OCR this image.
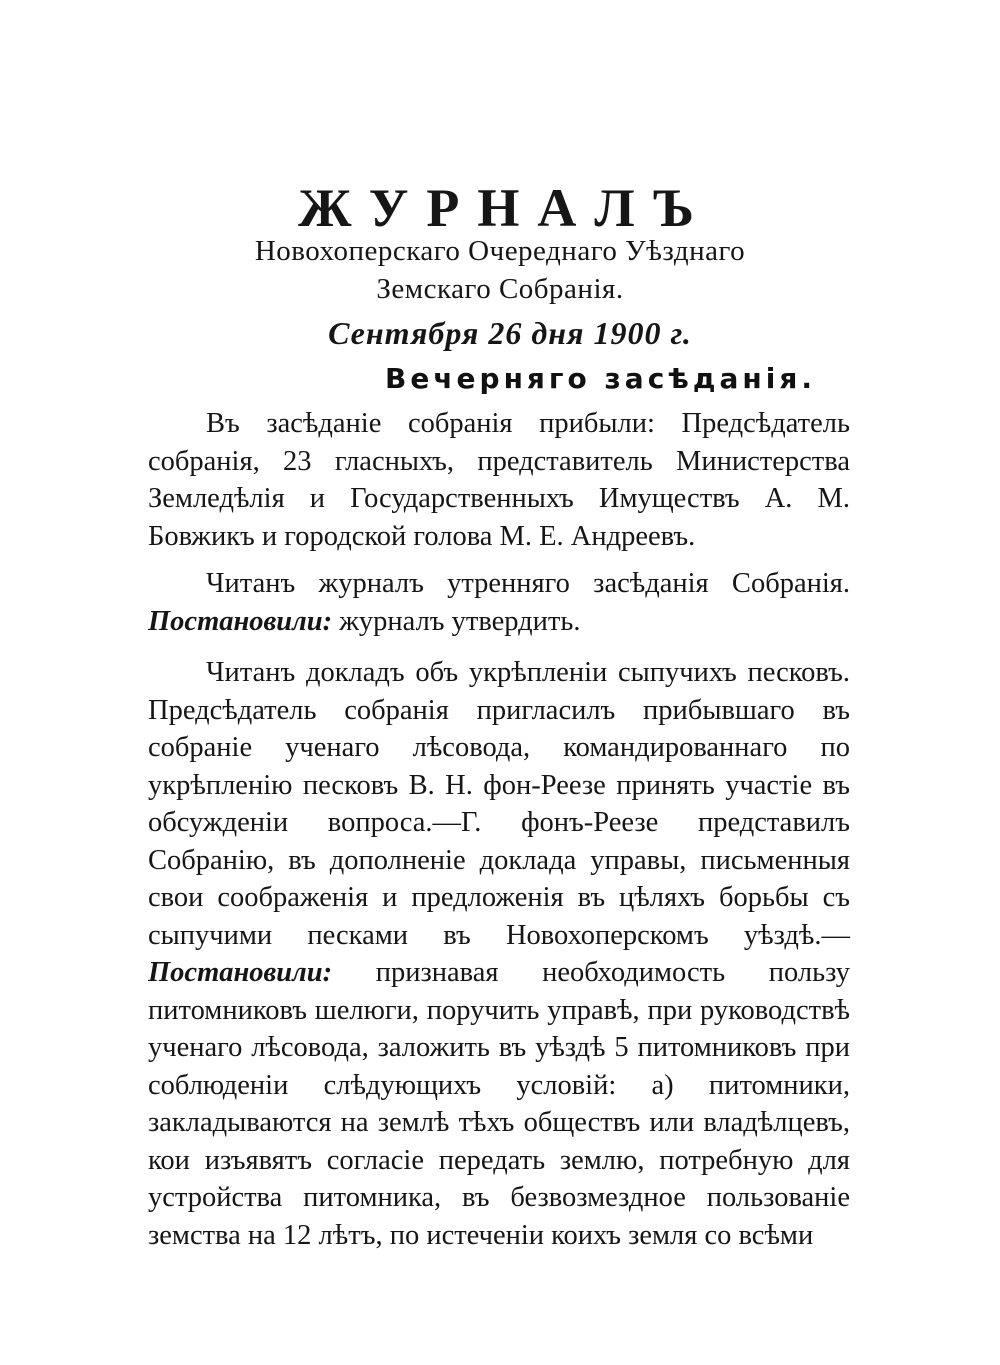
ЖУРНАЛЪ
Новохоперскаго Очереднаго Уѣзднаго
Земскаго Собранія.
Сентября 26 дня 1900 г.
Вечерняго засѣданія.

Въ засѣданіе собранія прибыли: Предсѣдатель собранія, 23 гласныхъ, представитель Министерства Земледѣлія и Государственныхъ Имуществъ А. М. Бовжикъ и городской голова М. Е. Андреевъ.

Читанъ журналъ утренняго засѣданія Собранія. Постановили: журналъ утвердить.

Читанъ докладъ объ укрѣпленіи сыпучихъ песковъ. Предсѣдатель собранія пригласилъ прибывшаго въ собраніе ученаго лѣсовода, командированнаго по укрѣпленію песковъ В. Н. фон-Реезе принять участіе въ обсужденіи вопроса.—Г. фонъ-Реезе представилъ Собранію, въ дополненіе доклада управы, письменныя свои соображенія и предложенія въ цѣляхъ борьбы съ сыпучими песками въ Новохоперскомъ уѣздѣ.—Постановили: признавая необходимость пользу питомниковъ шелюги, поручить управѣ, при руководствѣ ученаго лѣсовода, заложить въ уѣздѣ 5 питомниковъ при соблюденіи слѣдующихъ условій: а) питомники, закладываются на землѣ тѣхъ обществъ или владѣлцевъ, кои изъявятъ согласіе передать землю, потребную для устройства питомника, въ безвозмездное пользованіе земства на 12 лѣтъ, по истеченіи коихъ земля со всѣми
